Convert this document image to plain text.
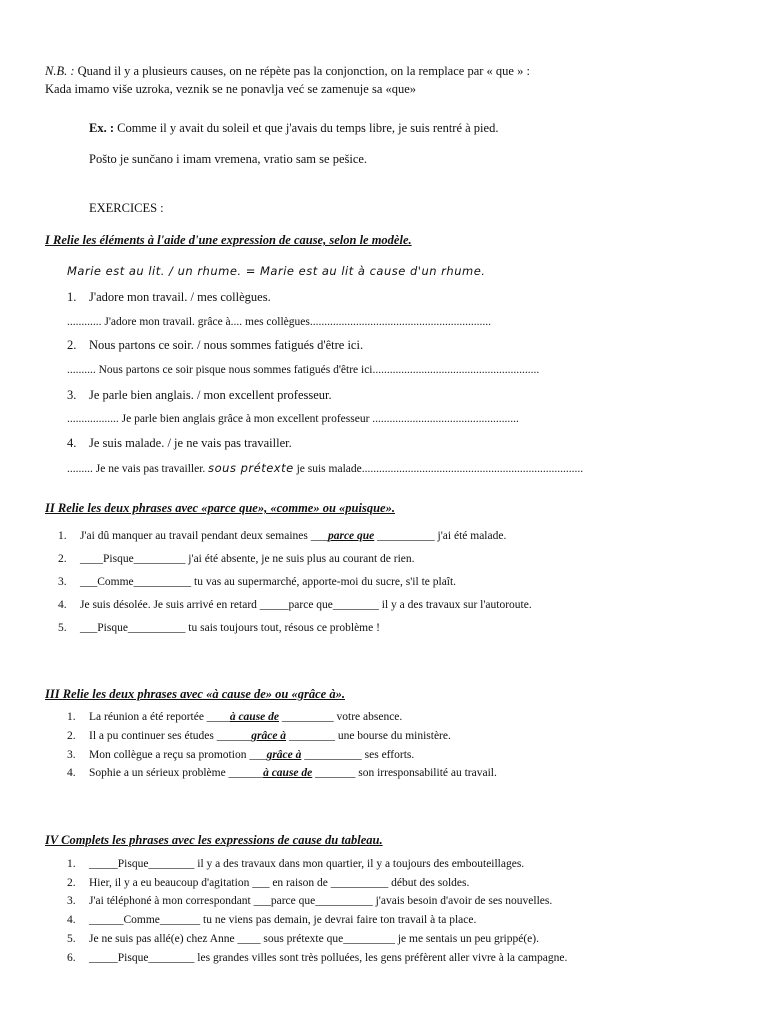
N.B. : Quand il y a plusieurs causes, on ne répète pas la conjonction, on la remplace par « que » :
Kada imamo više uzroka, veznik se ne ponavlja već se zamenuje sa «que»
Ex. : Comme il y avait du soleil et que j'avais du temps libre, je suis rentré à pied.
Pošto je sunčano i imam vremena, vratio sam se pešice.
EXERCICES :
I Relie les éléments à l'aide d'une expression de cause, selon le modèle.
Marie est au lit. / un rhume. = Marie est au lit à cause d'un rhume.
1. J'adore mon travail. / mes collègues.
............ J'adore mon travail. grâce à.... mes collègues...............................................................
2. Nous partons ce soir. / nous sommes fatigués d'être ici.
.......... Nous partons ce soir pisque nous sommes fatigués d'être ici..........................................................
3. Je parle bien anglais. / mon excellent professeur.
.................. Je parle bien anglais grâce à mon excellent professeur ...................................................
4. Je suis malade. / je ne vais pas travailler.
......... Je ne vais pas travailler. sous prétexte je suis malade.............................................................................
II Relie les deux phrases avec «parce que», «comme» ou «puisque».
1. J'ai dû manquer au travail pendant deux semaines ___parce que __________ j'ai été malade.
2. ____Pisque_________ j'ai été absente, je ne suis plus au courant de rien.
3. ___Comme__________ tu vas au supermarché, apporte-moi du sucre, s'il te plaît.
4. Je suis désolée. Je suis arrivé en retard _____parce que________ il y a des travaux sur l'autoroute.
5. ___Pisque__________ tu sais toujours tout, résous ce problème !
III Relie les deux phrases avec «à cause de» ou «grâce à».
1. La réunion a été reportée ____à cause de _________ votre absence.
2. Il a pu continuer ses études ______grâce à ________ une bourse du ministère.
3. Mon collègue a reçu sa promotion ___grâce à __________ ses efforts.
4. Sophie a un sérieux problème ______à cause de _______ son irresponsabilité au travail.
IV Complets les phrases avec les expressions de cause du tableau.
1. _____Pisque________ il y a des travaux dans mon quartier, il y a toujours des embouteillages.
2. Hier, il y a eu beaucoup d'agitation ___ en raison de __________ début des soldes.
3. J'ai téléphoné à mon correspondant ___parce que__________ j'avais besoin d'avoir de ses nouvelles.
4. ______Comme_______ tu ne viens pas demain, je devrai faire ton travail à ta place.
5. Je ne suis pas allé(e) chez Anne ____ sous prétexte que_________ je me sentais un peu grippé(e).
6. _____Pisque________ les grandes villes sont très polluées, les gens préfèrent aller vivre à la campagne.
